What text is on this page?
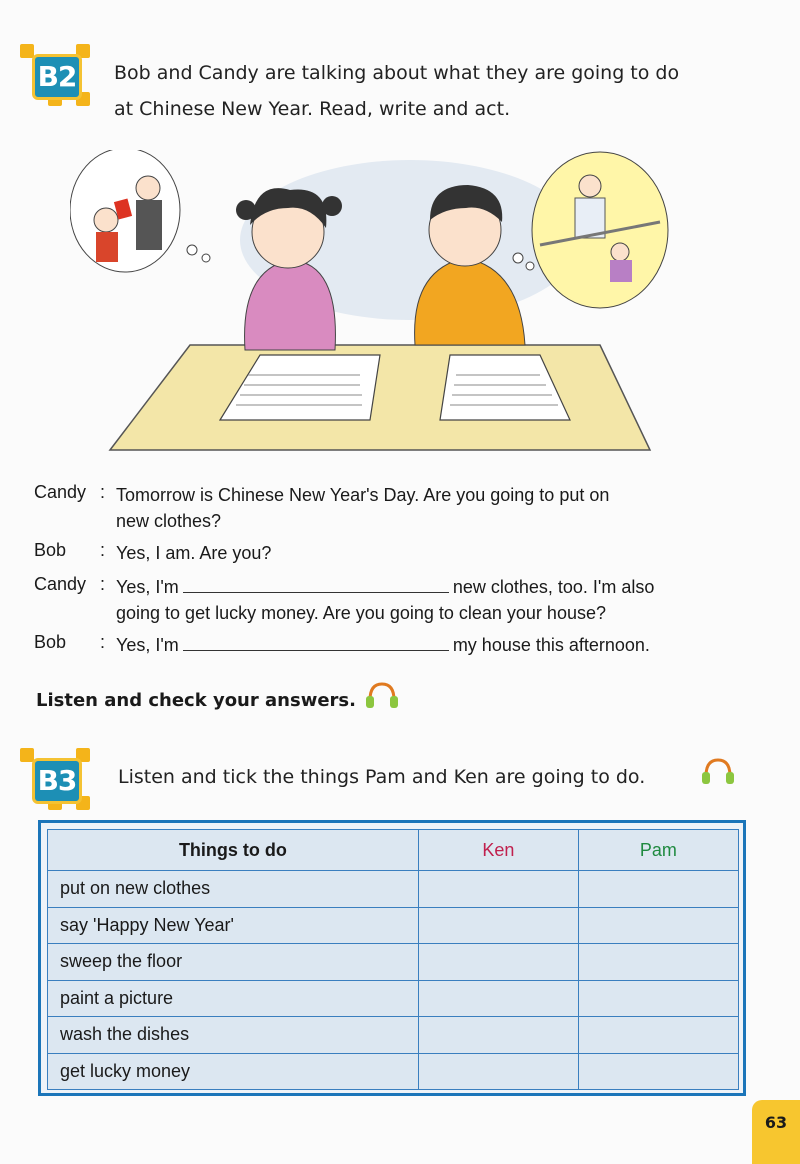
B2 Bob and Candy are talking about what they are going to do
at Chinese New Year. Read, write and act.
Candy : Tomorrow is Chinese New Year's Day. Are you going to put on
new clothes?
Bob	: Yes, I am. Are you?
Candy : Yes, I'm	new clothes, too. I'm also
going to get lucky money. Are you going to clean your house?
Bob	: Yes, I'm	my house this afternoon.
Listen and check your answers.
B3 Listen and tick the things Pam and Ken are going to do.
Things to do	Ken	Pam
put on new clothes		
say 'Happy New Year'		
sweep the floor		
paint a picture		
wash the dishes		
get lucky money		
63
